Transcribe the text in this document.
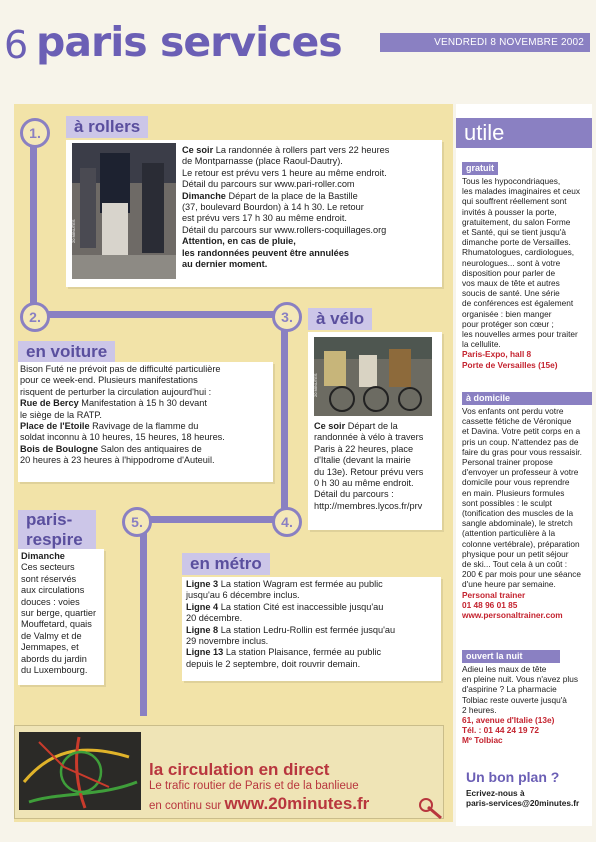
6 paris services	VENDREDI 8 NOVEMBRE 2002
1.
2.	3.
4.
5.
à rollers
20 MINUTES
Ce soir La randonnée à rollers part vers 22 heures
de Montparnasse (place Raoul-Dautry).
Le retour est prévu vers 1 heure au même endroit.
Détail du parcours sur www.pari-roller.com
Dimanche Départ de la place de la Bastille
(37, boulevard Bourdon) à 14 h 30. Le retour
est prévu vers 17 h 30 au même endroit.
Détail du parcours sur www.rollers-coquillages.org
Attention, en cas de pluie,
les randonnées peuvent être annulées
au dernier moment.
en voiture
Bison Futé ne prévoit pas de difficulté particulière
pour ce week-end. Plusieurs manifestations
risquent de perturber la circulation aujourd'hui :
Rue de Bercy Manifestation à 15 h 30 devant
le siège de la RATP.
Place de l'Etoile Ravivage de la flamme du
soldat inconnu à 10 heures, 15 heures, 18 heures.
Bois de Boulogne Salon des antiquaires de
20 heures à 23 heures à l'hippodrome d'Auteuil.
à vélo
20 MINUTES
Ce soir Départ de la
randonnée à vélo à travers
Paris à 22 heures, place
d'Italie (devant la mairie
du 13e). Retour prévu vers
0 h 30 au même endroit.
Détail du parcours :
http://membres.lycos.fr/prv
paris-
respire
Dimanche
Ces secteurs
sont réservés
aux circulations
douces : voies
sur berge, quartier
Mouffetard, quais
de Valmy et de
Jemmapes, et
abords du jardin
du Luxembourg.
en métro
Ligne 3 La station Wagram est fermée au public
jusqu'au 6 décembre inclus.
Ligne 4 La station Cité est inaccessible jusqu'au
20 décembre.
Ligne 8 La station Ledru-Rollin est fermée jusqu'au
29 novembre inclus.
Ligne 13 La station Plaisance, fermée au public
depuis le 2 septembre, doit rouvrir demain.
la circulation en direct
Le trafic routier de Paris et de la banlieue
en continu sur www.20minutes.fr
utile
gratuit
Tous les hypocondriaques,
les malades imaginaires et ceux
qui souffrent réellement sont
invités à pousser la porte,
gratuitement, du salon Forme
et Santé, qui se tient jusqu'à
dimanche porte de Versailles.
Rhumatologues, cardiologues,
neurologues... sont à votre
disposition pour parler de
vos maux de tête et autres
soucis de santé. Une série
de conférences est également
organisée : bien manger
pour protéger son cœur ;
les nouvelles armes pour traiter
la cellulite.
Paris-Expo, hall 8
Porte de Versailles (15e)
à domicile
Vos enfants ont perdu votre
cassette fétiche de Véronique
et Davina. Votre petit corps en a
pris un coup. N'attendez pas de
faire du gras pour vous ressaisir.
Personal trainer propose
d'envoyer un professeur à votre
domicile pour vous reprendre
en main. Plusieurs formules
sont possibles : le sculpt
(tonification des muscles de la
sangle abdominale), le stretch
(attention particulière à la
colonne vertébrale), préparation
physique pour un petit séjour
de ski... Tout cela à un coût :
200 € par mois pour une séance
d'une heure par semaine.
Personal trainer
01 48 96 01 85
www.personaltrainer.com
ouvert la nuit
Adieu les maux de tête
en pleine nuit. Vous n'avez plus
d'aspirine ? La pharmacie
Tolbiac reste ouverte jusqu'à
2 heures.
61, avenue d'Italie (13e)
Tél. : 01 44 24 19 72
Mº Tolbiac
Un bon plan ?
Ecrivez-nous à
paris-services@20minutes.fr
